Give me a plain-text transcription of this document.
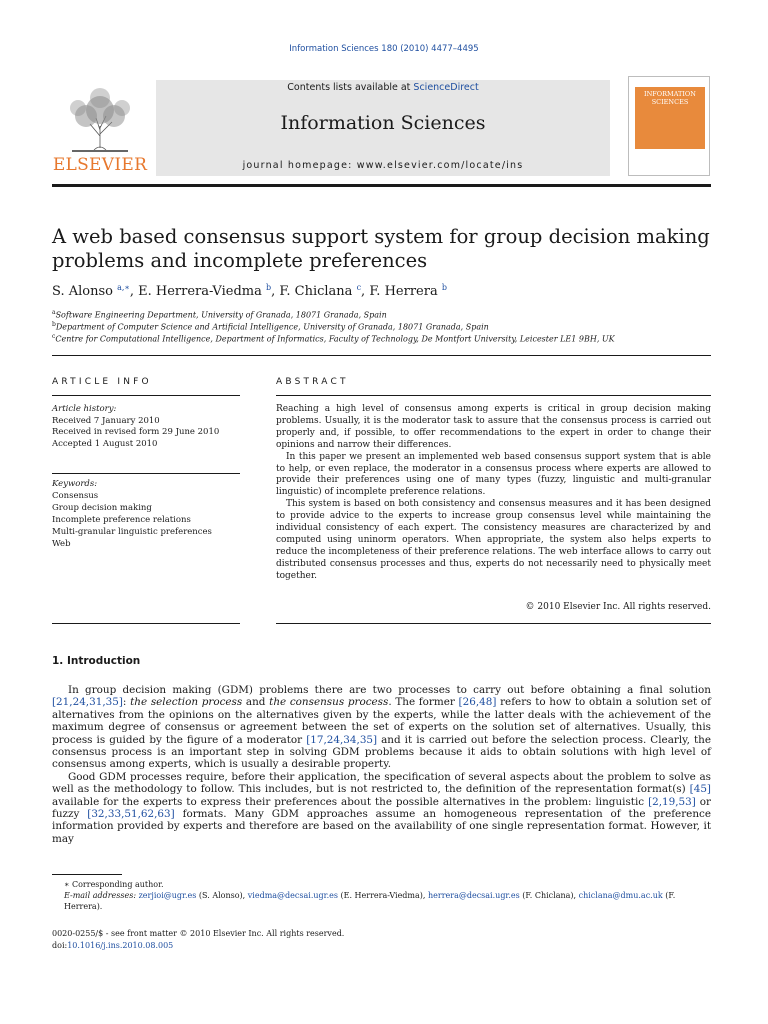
Information Sciences 180 (2010) 4477–4495
ELSEVIER
Contents lists available at ScienceDirect
Information Sciences
journal homepage: www.elsevier.com/locate/ins
INFORMATION SCIENCES
A web based consensus support system for group decision making problems and incomplete preferences
S. Alonso $^{a,∗}$, E. Herrera-Viedma $^b$, F. Chiclana $^c$, F. Herrera $^b$
$^a$Software Engineering Department, University of Granada, 18071 Granada, Spain
$^b$Department of Computer Science and Artificial Intelligence, University of Granada, 18071 Granada, Spain
$^c$Centre for Computational Intelligence, Department of Informatics, Faculty of Technology, De Montfort University, Leicester LE1 9BH, UK
ARTICLE INFO
Article history:
Received 7 January 2010
Received in revised form 29 June 2010
Accepted 1 August 2010
Keywords:
Consensus
Group decision making
Incomplete preference relations
Multi-granular linguistic preferences
Web
ABSTRACT

Reaching a high level of consensus among experts is critical in group decision making problems. Usually, it is the moderator task to assure that the consensus process is carried out properly and, if possible, to offer recommendations to the expert in order to change their opinions and narrow their differences.

In this paper we present an implemented web based consensus support system that is able to help, or even replace, the moderator in a consensus process where experts are allowed to provide their preferences using one of many types (fuzzy, linguistic and multi-granular linguistic) of incomplete preference relations.

This system is based on both consistency and consensus measures and it has been designed to provide advice to the experts to increase group consensus level while maintaining the individual consistency of each expert. The consistency measures are characterized by and computed using uninorm operators. When appropriate, the system also helps experts to reduce the incompleteness of their preference relations. The web interface allows to carry out distributed consensus processes and thus, experts do not necessarily need to physically meet together.

© 2010 Elsevier Inc. All rights reserved.
1. Introduction

In group decision making (GDM) problems there are two processes to carry out before obtaining a final solution [21,24,31,35]: the selection process and the consensus process. The former [26,48] refers to how to obtain a solution set of alternatives from the opinions on the alternatives given by the experts, while the latter deals with the achievement of the maximum degree of consensus or agreement between the set of experts on the solution set of alternatives. Usually, this process is guided by the figure of a moderator [17,24,34,35] and it is carried out before the selection process. Clearly, the consensus process is an important step in solving GDM problems because it aids to obtain solutions with high level of consensus among experts, which is usually a desirable property.

Good GDM processes require, before their application, the specification of several aspects about the problem to solve as well as the methodology to follow. This includes, but is not restricted to, the definition of the representation format(s) [45] available for the experts to express their preferences about the possible alternatives in the problem: linguistic [2,19,53] or fuzzy [32,33,51,62,63] formats. Many GDM approaches assume an homogeneous representation of the preference information provided by experts and therefore are based on the availability of one single representation format. However, it may

∗ Corresponding author.
E-mail addresses: zerjioi@ugr.es (S. Alonso), viedma@decsai.ugr.es (E. Herrera-Viedma), herrera@decsai.ugr.es (F. Chiclana), chiclana@dmu.ac.uk (F. Herrera).
0020-0255/$ - see front matter © 2010 Elsevier Inc. All rights reserved.
doi:10.1016/j.ins.2010.08.005
